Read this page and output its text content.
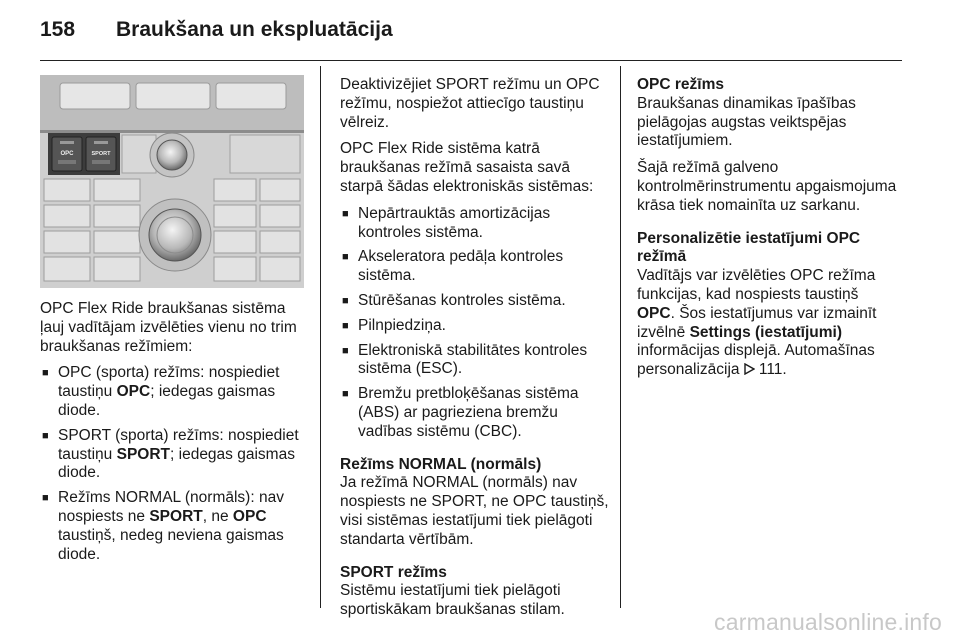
158 Braukšana un ekspluatācija
OPC	SPORT

OPC Flex Ride braukšanas sistēma ļauj vadītājam izvēlēties vienu no trim braukšanas režīmiem:

■ OPC (sporta) režīms: nospiediet taustiņu OPC; iedegas gaismas diode.
■ SPORT (sporta) režīms: nospiediet taustiņu SPORT; iedegas gaismas diode.
■ Režīms NORMAL (normāls): nav nospiests ne SPORT, ne OPC taustiņš, nedeg neviena gaismas diode.

Deaktivizējiet SPORT režīmu un OPC režīmu, nospiežot attiecīgo taustiņu vēlreiz.

OPC Flex Ride sistēma katrā braukšanas režīmā sasaista savā starpā šādas elektroniskās sistēmas:

■ Nepārtrauktās amortizācijas kontroles sistēma.
■ Akseleratora pedāļa kontroles sistēma.
■ Stūrēšanas kontroles sistēma.
■ Pilnpiedziņa.
■ Elektroniskā stabilitātes kontroles sistēma (ESC).
■ Bremžu pretbloķēšanas sistēma (ABS) ar pagrieziena bremžu vadības sistēmu (CBC).
Režīms NORMAL (normāls)

Ja režīmā NORMAL (normāls) nav nospiests ne SPORT, ne OPC taustiņš, visi sistēmas iestatījumi tiek pielāgoti standarta vērtībām.

SPORT režīms

Sistēmu iestatījumi tiek pielāgoti sportiskākam braukšanas stilam.

OPC režīms

Braukšanas dinamikas īpašības pielāgojas augstas veiktspējas iestatījumiem.

Šajā režīmā galveno kontrolmērinstrumentu apgaismojuma krāsa tiek nomainīta uz sarkanu.

Personalizētie iestatījumi OPC režīmā

Vadītājs var izvēlēties OPC režīma funkcijas, kad nospiests taustiņš OPC. Šos iestatījumus var izmainīt izvēlnē Settings (iestatījumi) informācijas displejā. Automašīnas personalizācija 111.

carmanualsonline.info
